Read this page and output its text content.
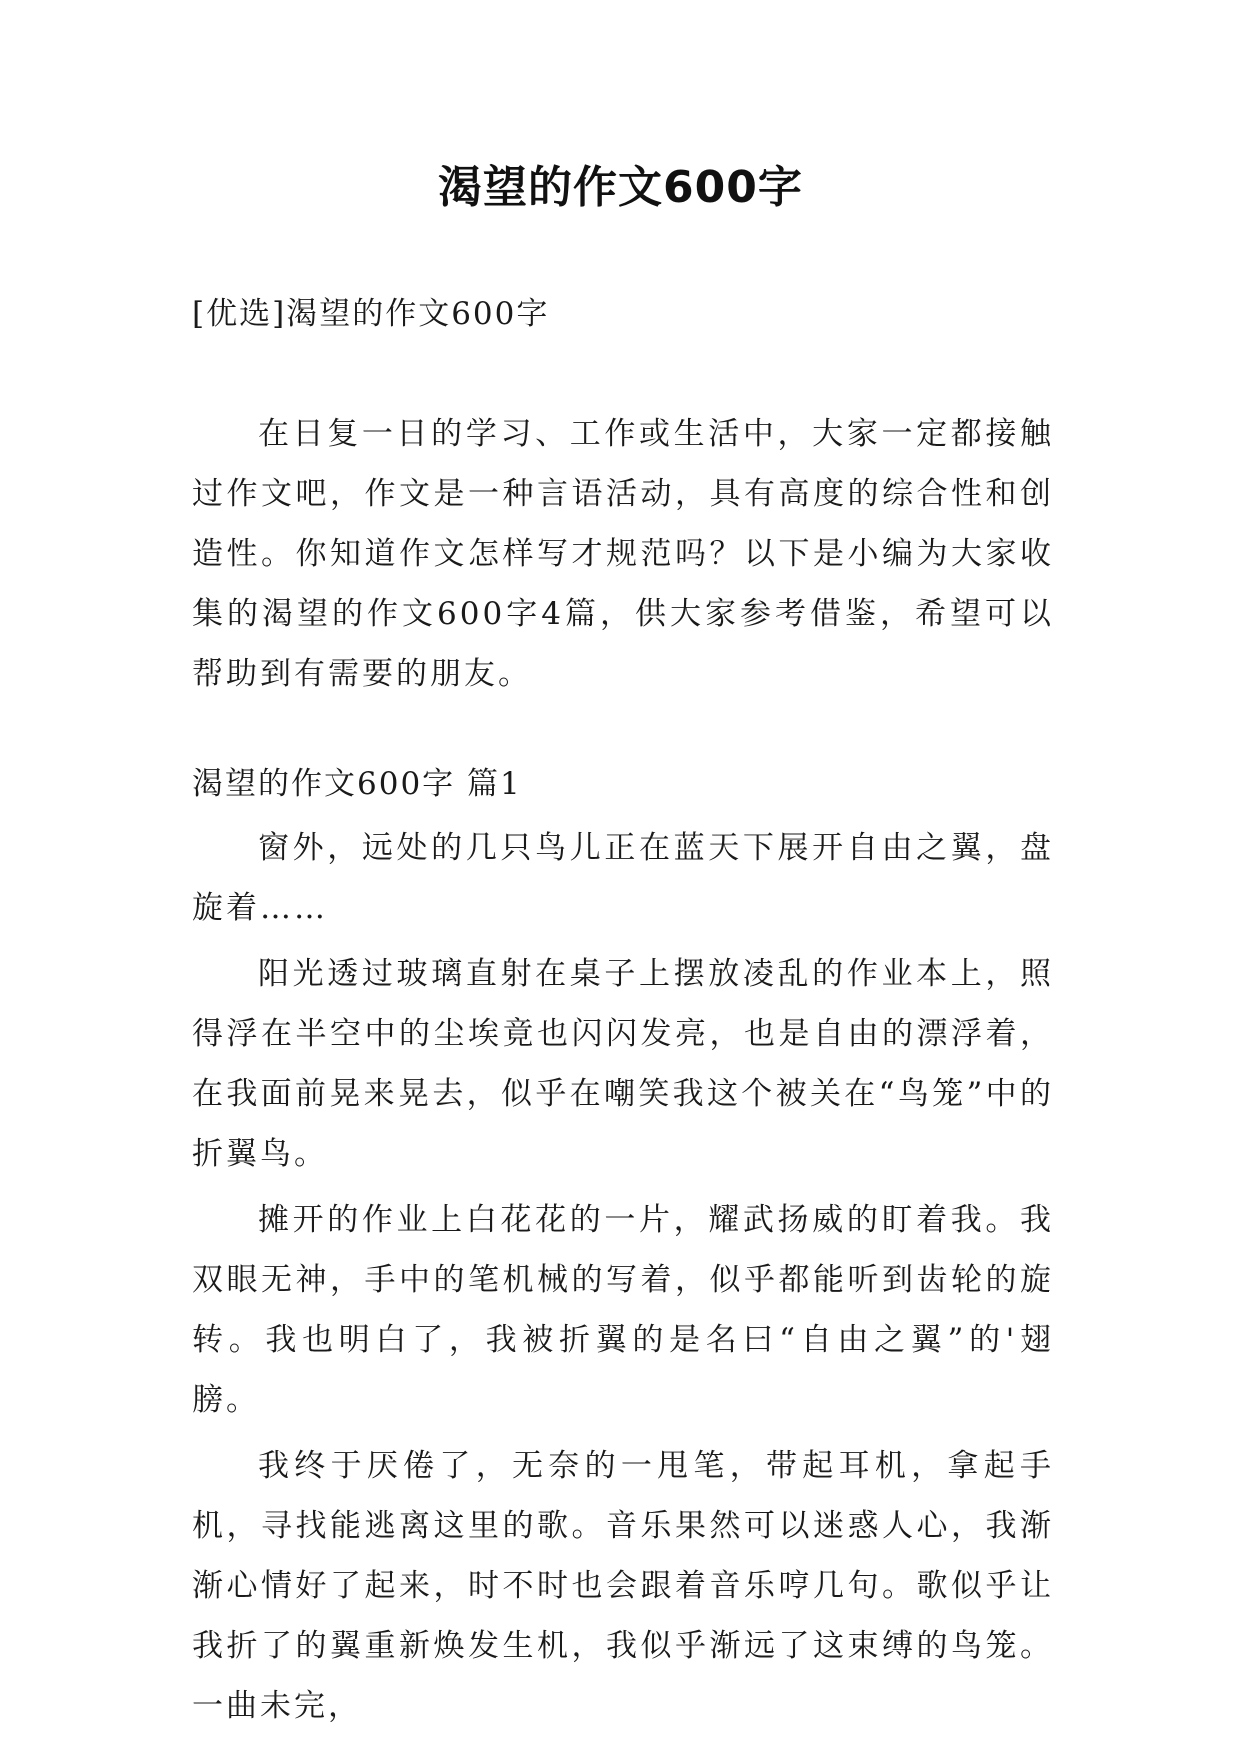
渴望的作文600字
[优选]渴望的作文600字
在日复一日的学习、工作或生活中，大家一定都接触过作文吧，作文是一种言语活动，具有高度的综合性和创造性。你知道作文怎样写才规范吗？以下是小编为大家收集的渴望的作文600字4篇，供大家参考借鉴，希望可以帮助到有需要的朋友。
渴望的作文600字 篇1

窗外，远处的几只鸟儿正在蓝天下展开自由之翼，盘旋着……

阳光透过玻璃直射在桌子上摆放凌乱的作业本上，照得浮在半空中的尘埃竟也闪闪发亮，也是自由的漂浮着，在我面前晃来晃去，似乎在嘲笑我这个被关在“鸟笼”中的折翼鸟。

摊开的作业上白花花的一片，耀武扬威的盯着我。我双眼无神，手中的笔机械的写着，似乎都能听到齿轮的旋转。我也明白了，我被折翼的是名曰“自由之翼”的'翅膀。

我终于厌倦了，无奈的一甩笔，带起耳机，拿起手机，寻找能逃离这里的歌。音乐果然可以迷惑人心，我渐渐心情好了起来，时不时也会跟着音乐哼几句。歌似乎让我折了的翼重新焕发生机，我似乎渐远了这束缚的鸟笼。一曲未完，
